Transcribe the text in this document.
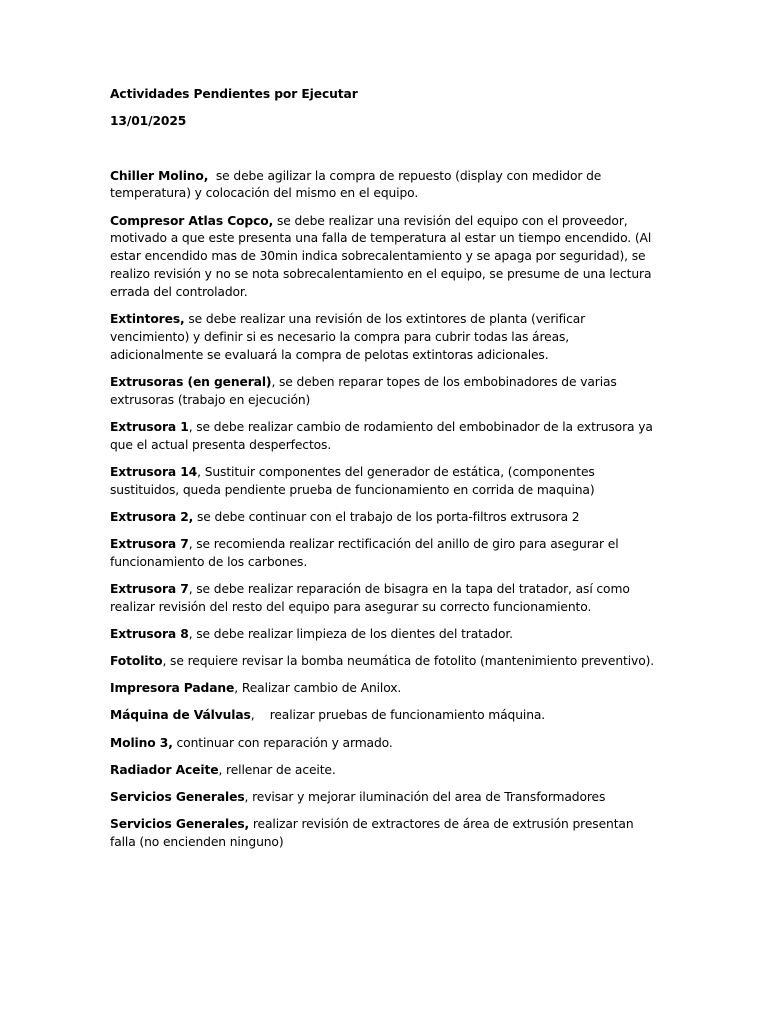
Actividades Pendientes por Ejecutar

13/01/2025

Chiller Molino,  se debe agilizar la compra de repuesto (display con medidor de temperatura) y colocación del mismo en el equipo.

Compresor Atlas Copco, se debe realizar una revisión del equipo con el proveedor, motivado a que este presenta una falla de temperatura al estar un tiempo encendido. (Al estar encendido mas de 30min indica sobrecalentamiento y se apaga por seguridad), se realizo revisión y no se nota sobrecalentamiento en el equipo, se presume de una lectura errada del controlador.

Extintores, se debe realizar una revisión de los extintores de planta (verificar vencimiento) y definir si es necesario la compra para cubrir todas las áreas, adicionalmente se evaluará la compra de pelotas extintoras adicionales.

Extrusoras (en general), se deben reparar topes de los embobinadores de varias extrusoras (trabajo en ejecución)

Extrusora 1, se debe realizar cambio de rodamiento del embobinador de la extrusora ya que el actual presenta desperfectos.

Extrusora 14, Sustituir componentes del generador de estática, (componentes sustituidos, queda pendiente prueba de funcionamiento en corrida de maquina)

Extrusora 2, se debe continuar con el trabajo de los porta-filtros extrusora 2

Extrusora 7, se recomienda realizar rectificación del anillo de giro para asegurar el funcionamiento de los carbones.

Extrusora 7, se debe realizar reparación de bisagra en la tapa del tratador, así como realizar revisión del resto del equipo para asegurar su correcto funcionamiento.

Extrusora 8, se debe realizar limpieza de los dientes del tratador.

Fotolito, se requiere revisar la bomba neumática de fotolito (mantenimiento preventivo).

Impresora Padane, Realizar cambio de Anilox.

Máquina de Válvulas,    realizar pruebas de funcionamiento máquina.

Molino 3, continuar con reparación y armado.

Radiador Aceite, rellenar de aceite.

Servicios Generales, revisar y mejorar iluminación del area de Transformadores

Servicios Generales, realizar revisión de extractores de área de extrusión presentan falla (no encienden ninguno)
